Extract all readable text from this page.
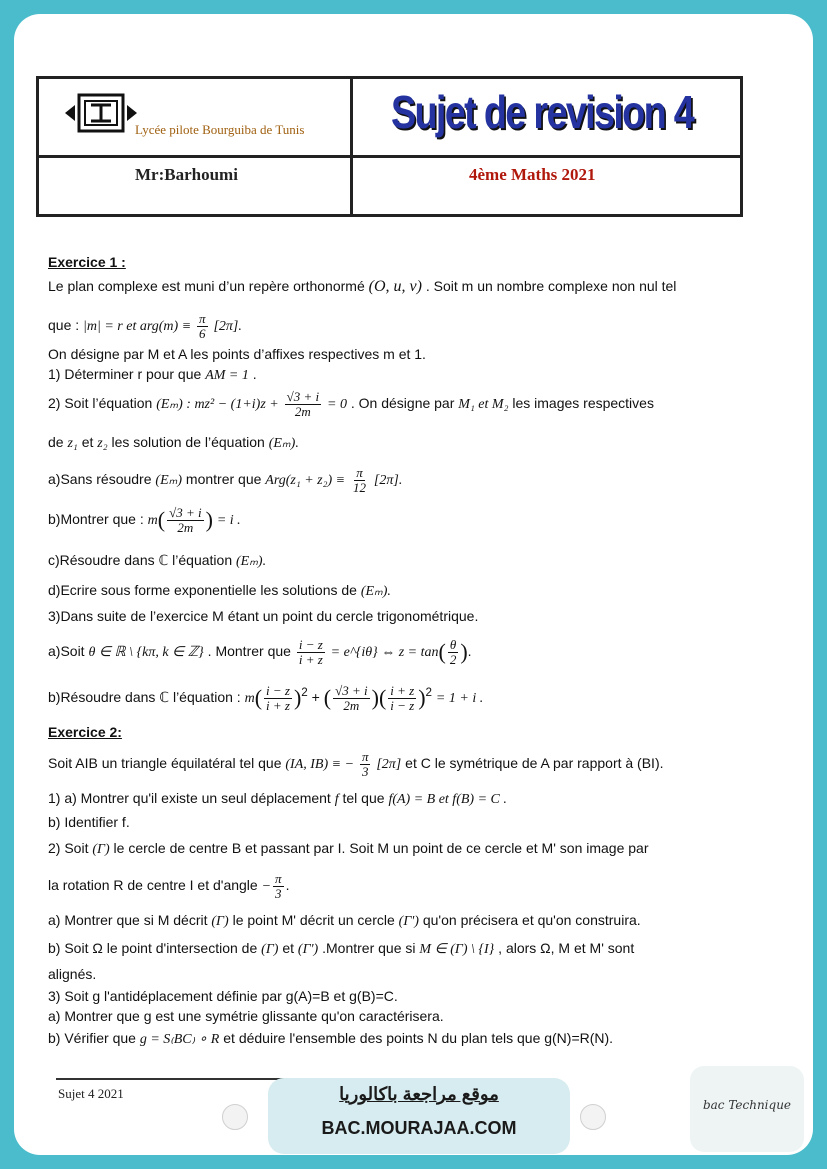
Lycée pilote Bourguiba de Tunis Sujet de revision 4
Mr:Barhoumi	4ème Maths 2021
Exercice 1 :
Le plan complexe est muni d’un repère orthonormé (O, u, v) . Soit m un nombre complexe non nul tel
que : |m| = r et $arg(m) \equiv \frac{\pi}{6} [2\pi]$.
On désigne par M et A les points d’affixes respectives m et 1.
1) Déterminer r pour que AM = 1 .
2) Soit l’équation (Eₘ) : $mz^2 - (1+i)z + \frac{√3 + i}{2m} = 0$ . On désigne par M₁ et M₂ les images respectives
de z₁ et z₂ les solution de l’équation (Eₘ).
a)Sans résoudre (Eₘ) montrer que $Arg(z_1 + z_2) \equiv \frac{\pi}{12} [2\pi]$.
b)Montrer que : $m( \frac{√3 + i}{2m}$ ) = i .
c)Résoudre dans ℂ l’équation (Eₘ).
d)Ecrire sous forme exponentielle les solutions de (Eₘ).
3)Dans suite de l’exercice M étant un point du cercle trigonométrique.
a)Soit θ ∈ ℝ \ {kπ, k ∈ ℤ} . Montrer que $\frac{i - z}{i + z}$ = e^{iθ} ⇔ $z = \tan( \frac{\theta}{2}$ ).
b)Résoudre dans ℂ l’équation : $m( \frac{i - z}{i + z} )^2$ + ( $\frac{√3 + i}{2m}$ )( $\frac{i + z}{i - z} )^2 = 1 + i$ .
Exercice 2:
Soit AIB un triangle équilatéral tel que (IA, IB) ≡ − $\frac{\pi}{3} [2\pi]$ et C le symétrique de A par rapport à (BI).
1) a) Montrer qu'il existe un seul déplacement f tel que f(A) = B et f(B) = C .
b) Identifier f.
2) Soit (Γ) le cercle de centre B et passant par I. Soit M un point de ce cercle et M' son image par
la rotation R de centre I et d'angle − $\frac{\pi}{3}$ .
a) Montrer que si M décrit (Γ) le point M' décrit un cercle (Γ') qu'on précisera et qu'on construira.
b) Soit Ω le point d'intersection de (Γ) et (Γ') .Montrer que si M ∈ (Γ) \ {I} , alors Ω, M et M' sont
alignés.
3) Soit g l'antidéplacement définie par g(A)=B et g(B)=C.
a) Montrer que g est une symétrie glissante qu'on caractérisera.
b) Vérifier que g = S₍BC₎ ∘ R et déduire l'ensemble des points N du plan tels que g(N)=R(N).
Sujet 4 2021	موقع مراجعة باكالوريا
BAC.MOURAJAA.COM
bac Technique
